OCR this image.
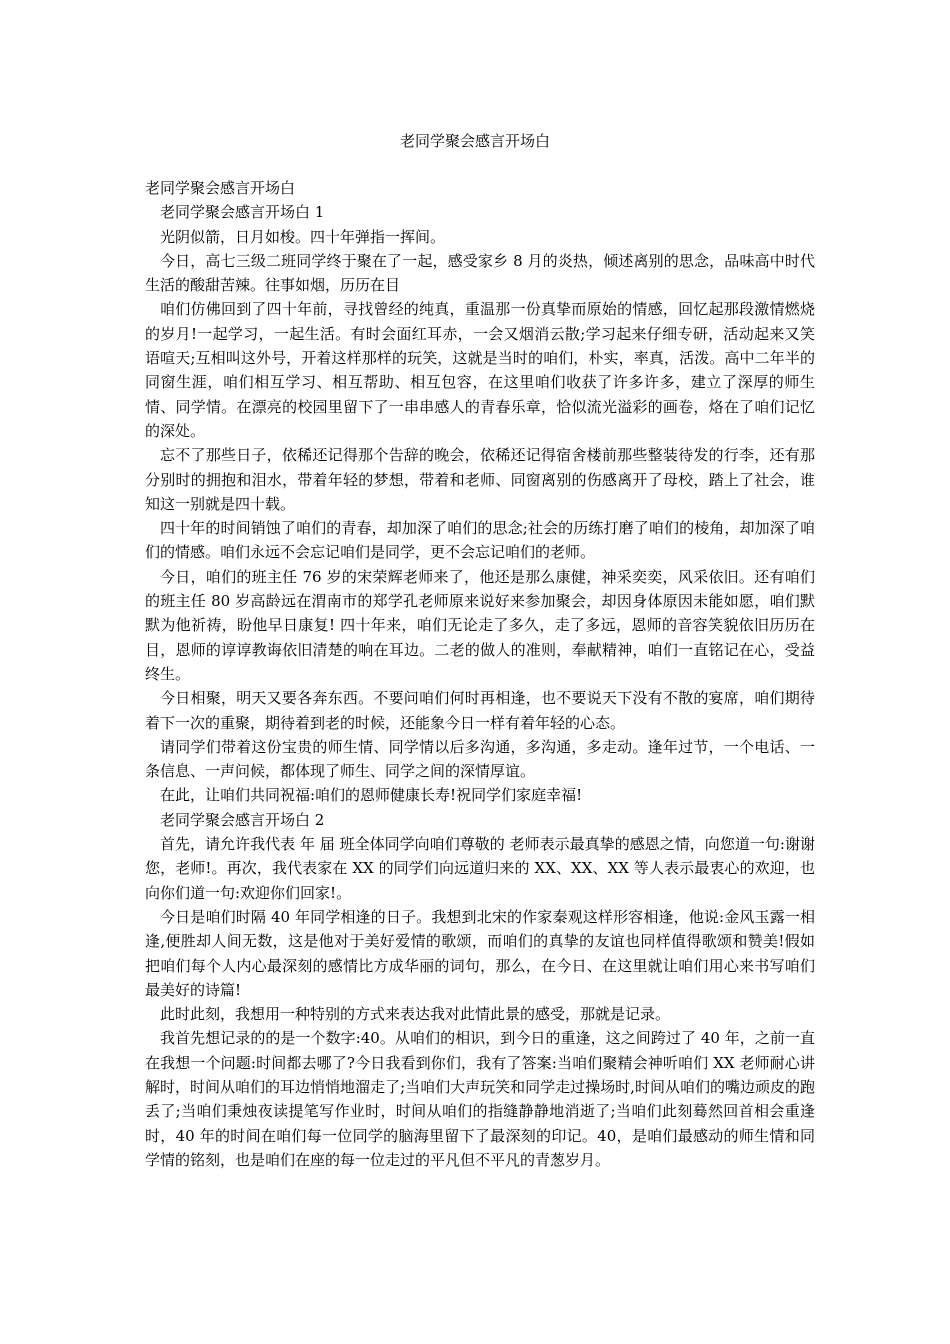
老同学聚会感言开场白

老同学聚会感言开场白

老同学聚会感言开场白 1

光阴似箭，日月如梭。四十年弹指一挥间。

今日，高七三级二班同学终于聚在了一起，感受家乡 8 月的炎热，倾述离别的思念，品味高中时代生活的酸甜苦辣。往事如烟，历历在目

咱们仿佛回到了四十年前，寻找曾经的纯真，重温那一份真挚而原始的情感，回忆起那段激情燃烧的岁月!一起学习，一起生活。有时会面红耳赤，一会又烟消云散;学习起来仔细专研，活动起来又笑语喧天;互相叫这外号，开着这样那样的玩笑，这就是当时的咱们，朴实，率真，活泼。高中二年半的同窗生涯，咱们相互学习、相互帮助、相互包容，在这里咱们收获了许多许多，建立了深厚的师生情、同学情。在漂亮的校园里留下了一串串感人的青春乐章，恰似流光溢彩的画卷，烙在了咱们记忆的深处。

忘不了那些日子，依稀还记得那个告辞的晚会，依稀还记得宿舍楼前那些整装待发的行李，还有那分别时的拥抱和泪水，带着年轻的梦想，带着和老师、同窗离别的伤感离开了母校，踏上了社会，谁知这一别就是四十载。

四十年的时间销蚀了咱们的青春，却加深了咱们的思念;社会的历练打磨了咱们的棱角，却加深了咱们的情感。咱们永远不会忘记咱们是同学，更不会忘记咱们的老师。

今日，咱们的班主任 76 岁的宋荣辉老师来了，他还是那么康健，神采奕奕，风采依旧。还有咱们的班主任 80 岁高龄远在渭南市的郑学孔老师原来说好来参加聚会，却因身体原因未能如愿，咱们默默为他祈祷，盼他早日康复! 四十年来，咱们无论走了多久，走了多远，恩师的音容笑貌依旧历历在目，恩师的谆谆教诲依旧清楚的响在耳边。二老的做人的准则，奉献精神，咱们一直铭记在心，受益终生。

今日相聚，明天又要各奔东西。不要问咱们何时再相逢，也不要说天下没有不散的宴席，咱们期待着下一次的重聚，期待着到老的时候，还能象今日一样有着年轻的心态。

请同学们带着这份宝贵的师生情、同学情以后多沟通，多沟通，多走动。逢年过节，一个电话、一条信息、一声问候，都体现了师生、同学之间的深情厚谊。

在此，让咱们共同祝福:咱们的恩师健康长寿!祝同学们家庭幸福!

老同学聚会感言开场白 2

首先，请允许我代表 年 届 班全体同学向咱们尊敬的 老师表示最真挚的感恩之情，向您道一句:谢谢您，老师!。再次，我代表家在 XX 的同学们向远道归来的 XX、XX、XX 等人表示最衷心的欢迎，也向你们道一句:欢迎你们回家!。

今日是咱们时隔 40 年同学相逢的日子。我想到北宋的作家秦观这样形容相逢，他说:金风玉露一相逢,便胜却人间无数，这是他对于美好爱情的歌颂，而咱们的真挚的友谊也同样值得歌颂和赞美!假如把咱们每个人内心最深刻的感情比方成华丽的词句，那么，在今日、在这里就让咱们用心来书写咱们最美好的诗篇!

此时此刻，我想用一种特别的方式来表达我对此情此景的感受，那就是记录。

我首先想记录的的是一个数字:40。从咱们的相识，到今日的重逢，这之间跨过了 40 年，之前一直在我想一个问题:时间都去哪了?今日我看到你们，我有了答案:当咱们聚精会神听咱们 XX 老师耐心讲解时，时间从咱们的耳边悄悄地溜走了;当咱们大声玩笑和同学走过操场时,时间从咱们的嘴边顽皮的跑丢了;当咱们秉烛夜读提笔写作业时，时间从咱们的指缝静静地消逝了;当咱们此刻蓦然回首相会重逢时，40 年的时间在咱们每一位同学的脑海里留下了最深刻的印记。40，是咱们最感动的师生情和同学情的铭刻，也是咱们在座的每一位走过的平凡但不平凡的青葱岁月。
